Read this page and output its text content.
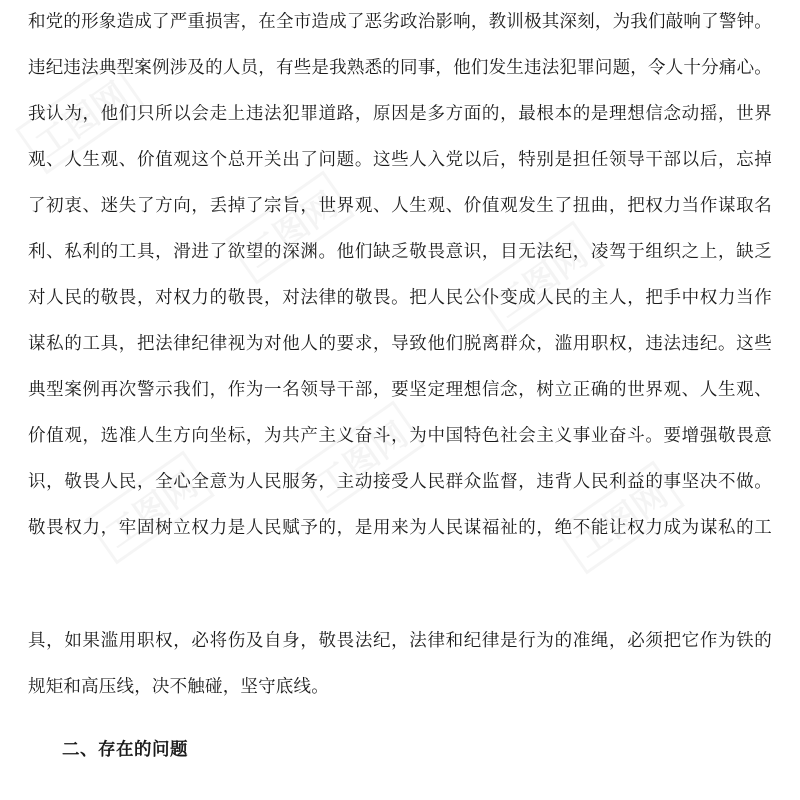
和党的形象造成了严重损害，在全市造成了恶劣政治影响，教训极其深刻，为我们敲响了警钟。
违纪违法典型案例涉及的人员，有些是我熟悉的同事，他们发生违法犯罪问题，令人十分痛心。
我认为，他们只所以会走上违法犯罪道路，原因是多方面的，最根本的是理想信念动摇，世界
观、人生观、价值观这个总开关出了问题。这些人入党以后，特别是担任领导干部以后，忘掉
了初衷、迷失了方向，丢掉了宗旨，世界观、人生观、价值观发生了扭曲，把权力当作谋取名
利、私利的工具，滑进了欲望的深渊。他们缺乏敬畏意识，目无法纪，凌驾于组织之上，缺乏
对人民的敬畏，对权力的敬畏，对法律的敬畏。把人民公仆变成人民的主人，把手中权力当作
谋私的工具，把法律纪律视为对他人的要求，导致他们脱离群众，滥用职权，违法违纪。这些
典型案例再次警示我们，作为一名领导干部，要坚定理想信念，树立正确的世界观、人生观、
价值观，选准人生方向坐标，为共产主义奋斗，为中国特色社会主义事业奋斗。要增强敬畏意
识，敬畏人民，全心全意为人民服务，主动接受人民群众监督，违背人民利益的事坚决不做。
敬畏权力，牢固树立权力是人民赋予的，是用来为人民谋福祉的，绝不能让权力成为谋私的工
具，如果滥用职权，必将伤及自身，敬畏法纪，法律和纪律是行为的准绳，必须把它作为铁的
规矩和高压线，决不触碰，坚守底线。
二、存在的问题
